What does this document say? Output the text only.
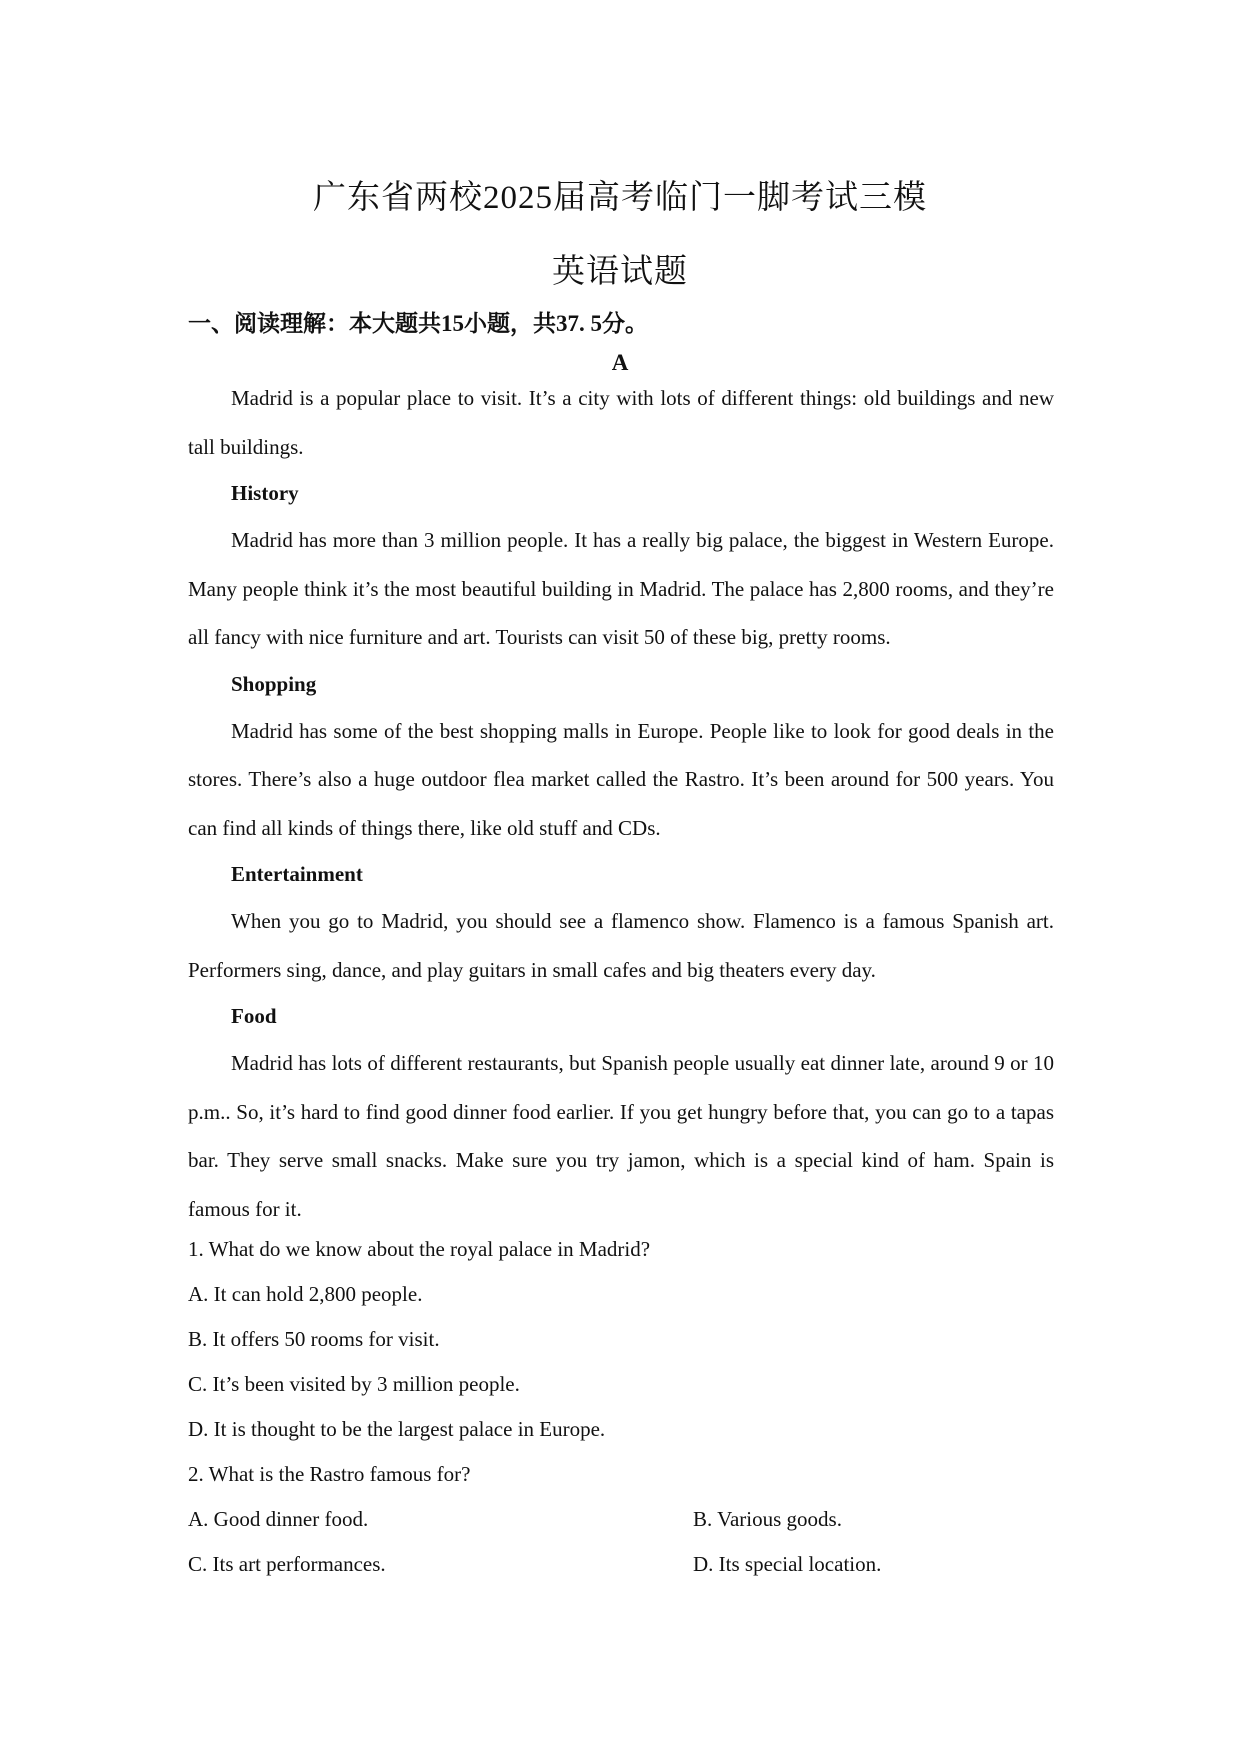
广东省两校2025届高考临门一脚考试三模
英语试题
一、阅读理解：本大题共15小题，共37. 5分。
A

Madrid is a popular place to visit. It’s a city with lots of different things: old buildings and new tall buildings.

History

Madrid has more than 3 million people. It has a really big palace, the biggest in Western Europe. Many people think it’s the most beautiful building in Madrid. The palace has 2,800 rooms, and they’re all fancy with nice furniture and art. Tourists can visit 50 of these big, pretty rooms.

Shopping

Madrid has some of the best shopping malls in Europe. People like to look for good deals in the stores. There’s also a huge outdoor flea market called the Rastro. It’s been around for 500 years. You can find all kinds of things there, like old stuff and CDs.

Entertainment

When you go to Madrid, you should see a flamenco show. Flamenco is a famous Spanish art. Performers sing, dance, and play guitars in small cafes and big theaters every day.

Food

Madrid has lots of different restaurants, but Spanish people usually eat dinner late, around 9 or 10 p.m.. So, it’s hard to find good dinner food earlier. If you get hungry before that, you can go to a tapas bar. They serve small snacks. Make sure you try jamon, which is a special kind of ham. Spain is famous for it.

1. What do we know about the royal palace in Madrid?

A. It can hold 2,800 people.

B. It offers 50 rooms for visit.

C. It’s been visited by 3 million people.

D. It is thought to be the largest palace in Europe.

2. What is the Rastro famous for?

A. Good dinner food.	B. Various goods.
C. Its art performances.	D. Its special location.
